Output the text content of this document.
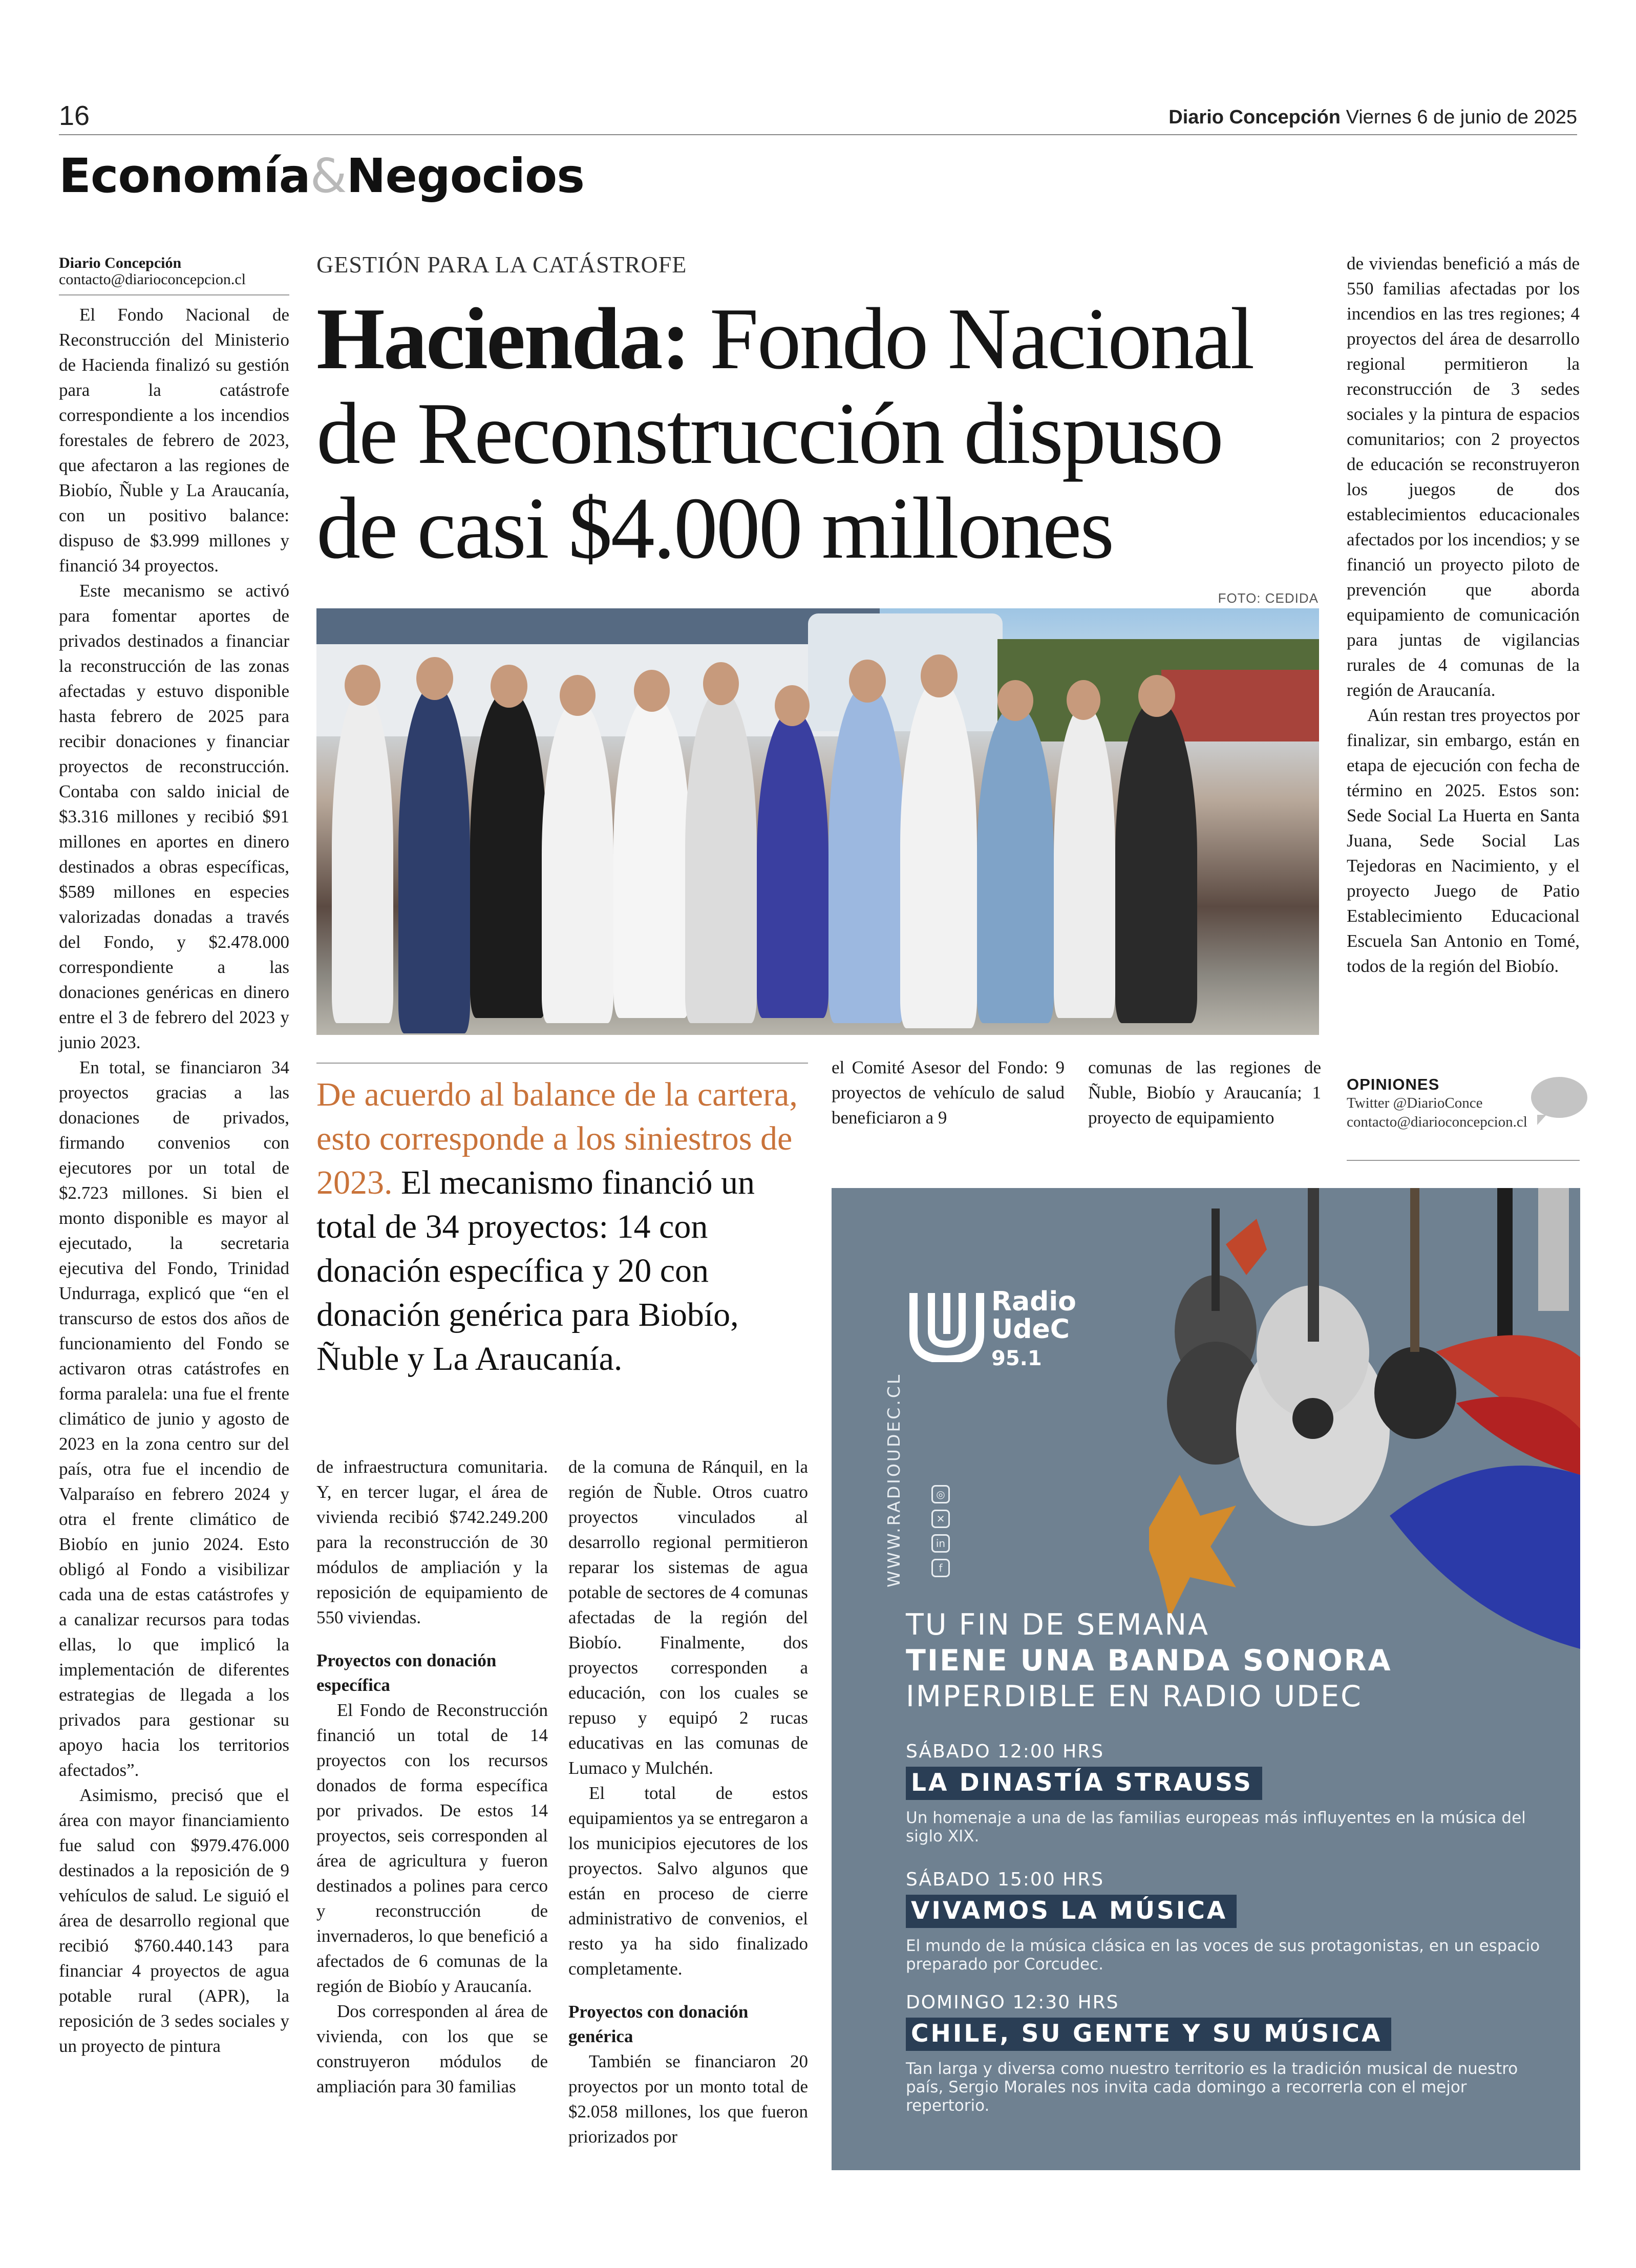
16	Diario Concepción Viernes 6 de junio de 2025
Economía&Negocios
Diario Concepción
contacto@diarioconcepcion.cl

El Fondo Nacional de Reconstrucción del Ministerio de Hacienda finalizó su gestión para la catástrofe correspondiente a los incendios forestales de febrero de 2023, que afectaron a las regiones de Biobío, Ñuble y La Araucanía, con un positivo balance: dispuso de $3.999 millones y financió 34 proyectos.

Este mecanismo se activó para fomentar aportes de privados destinados a financiar la reconstrucción de las zonas afectadas y estuvo disponible hasta febrero de 2025 para recibir donaciones y financiar proyectos de reconstrucción. Contaba con saldo inicial de $3.316 millones y recibió $91 millones en aportes en dinero destinados a obras específicas, $589 millones en especies valorizadas donadas a través del Fondo, y $2.478.000 correspondiente a las donaciones genéricas en dinero entre el 3 de febrero del 2023 y junio 2023.

En total, se financiaron 34 proyectos gracias a las donaciones de privados, firmando convenios con ejecutores por un total de $2.723 millones. Si bien el monto disponible es mayor al ejecutado, la secretaria ejecutiva del Fondo, Trinidad Undurraga, explicó que “en el transcurso de estos dos años de funcionamiento del Fondo se activaron otras catástrofes en forma paralela: una fue el frente climático de junio y agosto de 2023 en la zona centro sur del país, otra fue el incendio de Valparaíso en febrero 2024 y otra el frente climático de Biobío en junio 2024. Esto obligó al Fondo a visibilizar cada una de estas catástrofes y a canalizar recursos para todas ellas, lo que implicó la implementación de diferentes estrategias de llegada a los privados para gestionar su apoyo hacia los territorios afectados”.

Asimismo, precisó que el área con mayor financiamiento fue salud con $979.476.000 destinados a la reposición de 9 vehículos de salud. Le siguió el área de desarrollo regional que recibió $760.440.143 para financiar 4 proyectos de agua potable rural (APR), la reposición de 3 sedes sociales y un proyecto de pintura

GESTIÓN PARA LA CATÁSTROFE
Hacienda: Fondo Nacional de Reconstrucción dispuso de casi $4.000 millones
FOTO: CEDIDA
De acuerdo al balance de la cartera, esto corresponde a los siniestros de 2023. El mecanismo financió un total de 34 proyectos: 14 con donación específica y 20 con donación genérica para Biobío, Ñuble y La Araucanía.

de infraestructura comunitaria. Y, en tercer lugar, el área de vivienda recibió $742.249.200 para la reconstrucción de 30 módulos de ampliación y la reposición de equipamiento de 550 viviendas.

Proyectos con donación específica

El Fondo de Reconstrucción financió un total de 14 proyectos con los recursos donados de forma específica por privados. De estos 14 proyectos, seis corresponden al área de agricultura y fueron destinados a polines para cerco y reconstrucción de invernaderos, lo que benefició a afectados de 6 comunas de la región de Biobío y Araucanía.

Dos corresponden al área de vivienda, con los que se construyeron módulos de ampliación para 30 familias

de la comuna de Ránquil, en la región de Ñuble. Otros cuatro proyectos vinculados al desarrollo regional permitieron reparar los sistemas de agua potable de sectores de 4 comunas afectadas de la región del Biobío. Finalmente, dos proyectos corresponden a educación, con los cuales se repuso y equipó 2 rucas educativas en las comunas de Lumaco y Mulchén.

El total de estos equipamientos ya se entregaron a los municipios ejecutores de los proyectos. Salvo algunos que están en proceso de cierre administrativo de convenios, el resto ya ha sido finalizado completamente.

Proyectos con donación genérica

También se financiaron 20 proyectos por un monto total de $2.058 millones, los que fueron priorizados por

el Comité Asesor del Fondo: 9 proyectos de vehículo de salud beneficiaron a 9

comunas de las regiones de Ñuble, Biobío y Araucanía; 1 proyecto de equipamiento

de viviendas benefició a más de 550 familias afectadas por los incendios en las tres regiones; 4 proyectos del área de desarrollo regional permitieron la reconstrucción de 3 sedes sociales y la pintura de espacios comunitarios; con 2 proyectos de educación se reconstruyeron los juegos de dos establecimientos educacionales afectados por los incendios; y se financió un proyecto piloto de prevención que aborda equipamiento de comunicación para juntas de vigilancias rurales de 4 comunas de la región de Araucanía.

Aún restan tres proyectos por finalizar, sin embargo, están en etapa de ejecución con fecha de término en 2025. Estos son: Sede Social La Huerta en Santa Juana, Sede Social Las Tejedoras en Nacimiento, y el proyecto Juego de Patio Establecimiento Educacional Escuela San Antonio en Tomé, todos de la región del Biobío.

OPINIONES
Twitter @DiarioConce
contacto@diarioconcepcion.cl
Radio
UdeC
95.1
WWW.RADIOUDEC.CL	◎
✕
in
f
TU FIN DE SEMANA
TIENE UNA BANDA SONORA
IMPERDIBLE EN RADIO UDEC
SÁBADO 12:00 HRS
LA DINASTÍA STRAUSS
Un homenaje a una de las familias europeas más influyentes en la música del siglo XIX.
SÁBADO 15:00 HRS
VIVAMOS LA MÚSICA
El mundo de la música clásica en las voces de sus protagonistas, en un espacio preparado por Corcudec.
DOMINGO 12:30 HRS
CHILE, SU GENTE Y SU MÚSICA
Tan larga y diversa como nuestro territorio es la tradición musical de nuestro país, Sergio Morales nos invita cada domingo a recorrerla con el mejor repertorio.
